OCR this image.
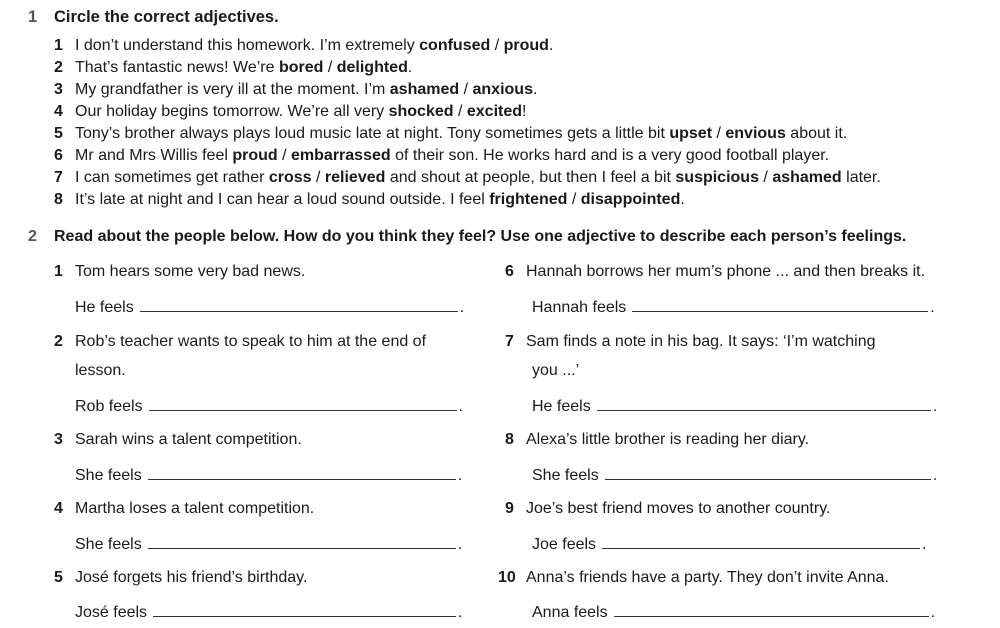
1 Circle the correct adjectives.
1 I don’t understand this homework. I’m extremely confused / proud.
2 That’s fantastic news! We’re bored / delighted.
3 My grandfather is very ill at the moment. I’m ashamed / anxious.
4 Our holiday begins tomorrow. We’re all very shocked / excited!
5 Tony’s brother always plays loud music late at night. Tony sometimes gets a little bit upset / envious about it.
6 Mr and Mrs Willis feel proud / embarrassed of their son. He works hard and is a very good football player.
7 I can sometimes get rather cross / relieved and shout at people, but then I feel a bit suspicious / ashamed later.
8 It’s late at night and I can hear a loud sound outside. I feel frightened / disappointed.
2 Read about the people below. How do you think they feel? Use one adjective to describe each person’s feelings.
1 Tom hears some very bad news.
He feels	.
2 Rob’s teacher wants to speak to him at the end of
lesson.
Rob feels	.
3 Sarah wins a talent competition.
She feels	.
4 Martha loses a talent competition.
She feels	.
5 José forgets his friend’s birthday.
José feels	.
6 Hannah borrows her mum’s phone ... and then breaks it.
Hannah feels	.
7 Sam finds a note in his bag. It says: ‘I’m watching
you ...’
He feels	.
8 Alexa’s little brother is reading her diary.
She feels	.
9 Joe’s best friend moves to another country.
Joe feels	.
10 Anna’s friends have a party. They don’t invite Anna.
Anna feels	.
